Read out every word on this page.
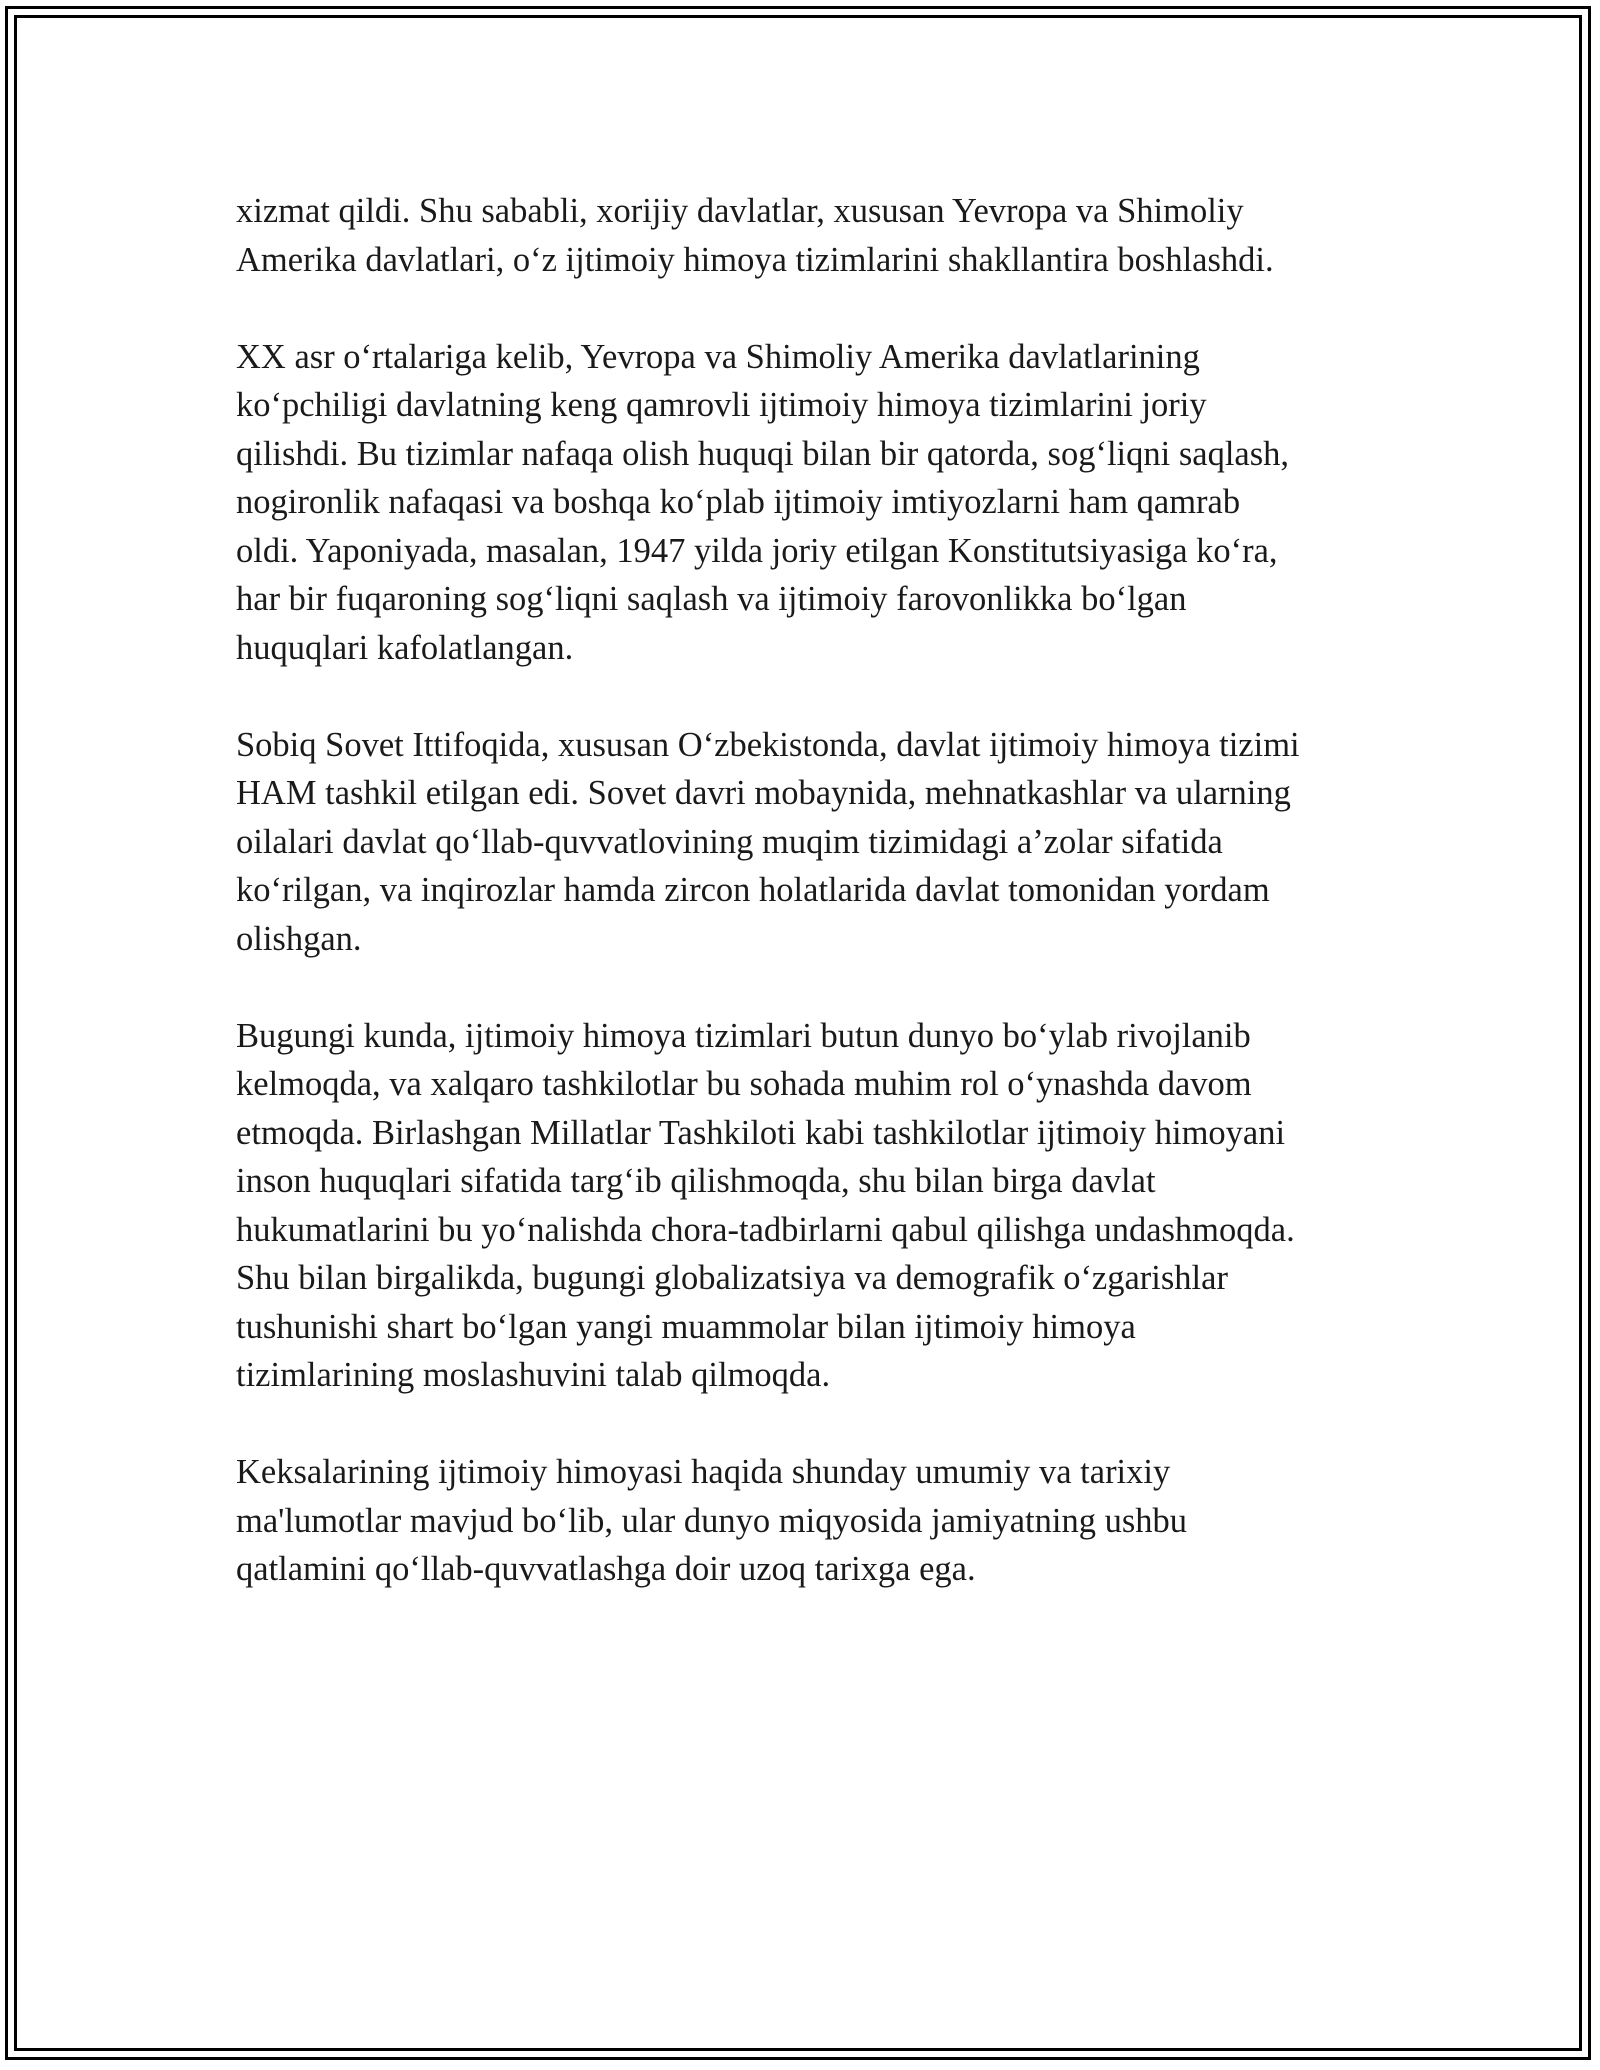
xizmat qildi. Shu sababli, xorijiy davlatlar, xususan Yevropa va Shimoliy
Amerika davlatlari, o‘z ijtimoiy himoya tizimlarini shakllantira boshlashdi.

XX asr o‘rtalariga kelib, Yevropa va Shimoliy Amerika davlatlarining
ko‘pchiligi davlatning keng qamrovli ijtimoiy himoya tizimlarini joriy
qilishdi. Bu tizimlar nafaqa olish huquqi bilan bir qatorda, sog‘liqni saqlash,
nogironlik nafaqasi va boshqa ko‘plab ijtimoiy imtiyozlarni ham qamrab
oldi. Yaponiyada, masalan, 1947 yilda joriy etilgan Konstitutsiyasiga ko‘ra,
har bir fuqaroning sog‘liqni saqlash va ijtimoiy farovonlikka bo‘lgan
huquqlari kafolatlangan.

Sobiq Sovet Ittifoqida, xususan O‘zbekistonda, davlat ijtimoiy himoya tizimi
HAM tashkil etilgan edi. Sovet davri mobaynida, mehnatkashlar va ularning
oilalari davlat qo‘llab-quvvatlovining muqim tizimidagi a’zolar sifatida
ko‘rilgan, va inqirozlar hamda zircon holatlarida davlat tomonidan yordam
olishgan.

Bugungi kunda, ijtimoiy himoya tizimlari butun dunyo bo‘ylab rivojlanib
kelmoqda, va xalqaro tashkilotlar bu sohada muhim rol o‘ynashda davom
etmoqda. Birlashgan Millatlar Tashkiloti kabi tashkilotlar ijtimoiy himoyani
inson huquqlari sifatida targ‘ib qilishmoqda, shu bilan birga davlat
hukumatlarini bu yo‘nalishda chora-tadbirlarni qabul qilishga undashmoqda.
Shu bilan birgalikda, bugungi globalizatsiya va demografik o‘zgarishlar
tushunishi shart bo‘lgan yangi muammolar bilan ijtimoiy himoya
tizimlarining moslashuvini talab qilmoqda.

Keksalarining ijtimoiy himoyasi haqida shunday umumiy va tarixiy
ma'lumotlar mavjud bo‘lib, ular dunyo miqyosida jamiyatning ushbu
qatlamini qo‘llab-quvvatlashga doir uzoq tarixga ega.
